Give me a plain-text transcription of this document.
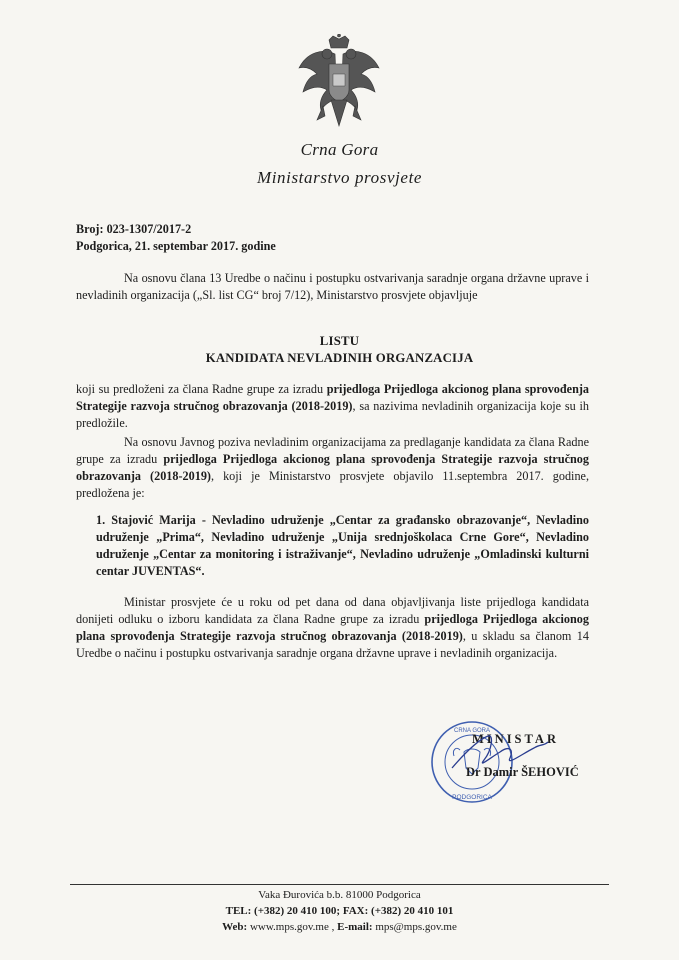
Crna Gora
Ministarstvo prosvjete
Broj: 023-1307/2017-2
Podgorica, 21. septembar 2017. godine
Na osnovu člana 13 Uredbe o načinu i postupku ostvarivanja saradnje organa državne uprave i nevladinih organizacija („Sl. list CG“ broj 7/12), Ministarstvo prosvjete objavljuje
LISTU
KANDIDATA NEVLADINIH ORGANZACIJA
koji su predloženi za člana Radne grupe za izradu prijedloga Prijedloga akcionog plana sprovođenja Strategije razvoja stručnog obrazovanja (2018-2019), sa nazivima nevladinih organizacija koje su ih predložile.
Na osnovu Javnog poziva nevladinim organizacijama za predlaganje kandidata za člana Radne grupe za izradu prijedloga Prijedloga akcionog plana sprovođenja Strategije razvoja stručnog obrazovanja (2018-2019), koji je Ministarstvo prosvjete objavilo 11.septembra 2017. godine, predložena je:
1. Stajović Marija - Nevladino udruženje „Centar za građansko obrazovanje“, Nevladino udruženje „Prima“, Nevladino udruženje „Unija srednjoškolaca Crne Gore“, Nevladino udruženje „Centar za monitoring i istraživanje“, Nevladino udruženje „Omladinski kulturni centar JUVENTAS“.
Ministar prosvjete će u roku od pet dana od dana objavljivanja liste prijedloga kandidata donijeti odluku o izboru kandidata za člana Radne grupe za izradu prijedloga Prijedloga akcionog plana sprovođenja Strategije razvoja stručnog obrazovanja (2018-2019), u skladu sa članom 14 Uredbe o načinu i postupku ostvarivanja saradnje organa državne uprave i nevladinih organizacija.
CRNA GORA
PODGORICA
MINISTAR
Dr Damir ŠEHOVIĆ
Vaka Đurovića b.b. 81000 Podgorica
TEL: (+382) 20 410 100; FAX: (+382) 20 410 101
Web: www.mps.gov.me , E-mail: mps@mps.gov.me
